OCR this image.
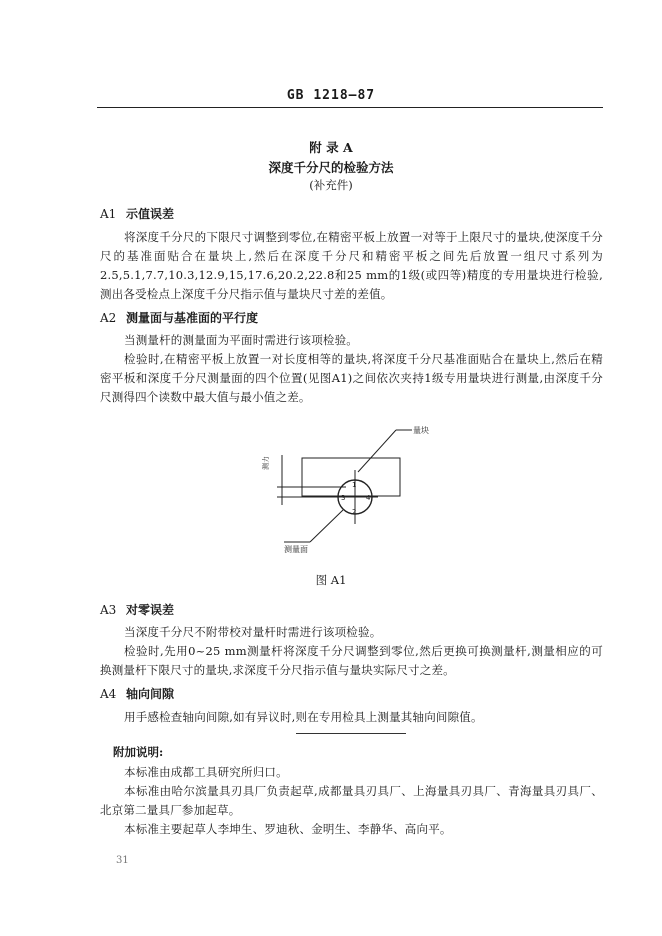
GB 1218—87
附 录 A
深度千分尺的检验方法
(补充件)
A1 示值误差
将深度千分尺的下限尺寸调整到零位,在精密平板上放置一对等于上限尺寸的量块,使深度千分尺的基准面贴合在量块上,然后在深度千分尺和精密平板之间先后放置一组尺寸系列为2.5,5.1,7.7,10.3,12.9,15,17.6,20.2,22.8和25 mm的1级(或四等)精度的专用量块进行检验,测出各受检点上深度千分尺指示值与量块尺寸差的差值。
A2 测量面与基准面的平行度
当测量杆的测量面为平面时需进行该项检验。
检验时,在精密平板上放置一对长度相等的量块,将深度千分尺基准面贴合在量块上,然后在精密平板和深度千分尺测量面的四个位置(见图A1)之间依次夹持1级专用量块进行测量,由深度千分尺测得四个读数中最大值与最小值之差。
量块
测量面
测力
1
2
3	4
图 A1
A3 对零误差
当深度千分尺不附带校对量杆时需进行该项检验。
检验时,先用0~25 mm测量杆将深度千分尺调整到零位,然后更换可换测量杆,测量相应的可换测量杆下限尺寸的量块,求深度千分尺指示值与量块实际尺寸之差。
A4 轴向间隙
用手感检查轴向间隙,如有异议时,则在专用检具上测量其轴向间隙值。
附加说明:
本标准由成都工具研究所归口。
本标准由哈尔滨量具刃具厂负责起草,成都量具刃具厂、上海量具刃具厂、青海量具刃具厂、北京第二量具厂参加起草。
本标准主要起草人李坤生、罗迪秋、金明生、李静华、高向平。
31
